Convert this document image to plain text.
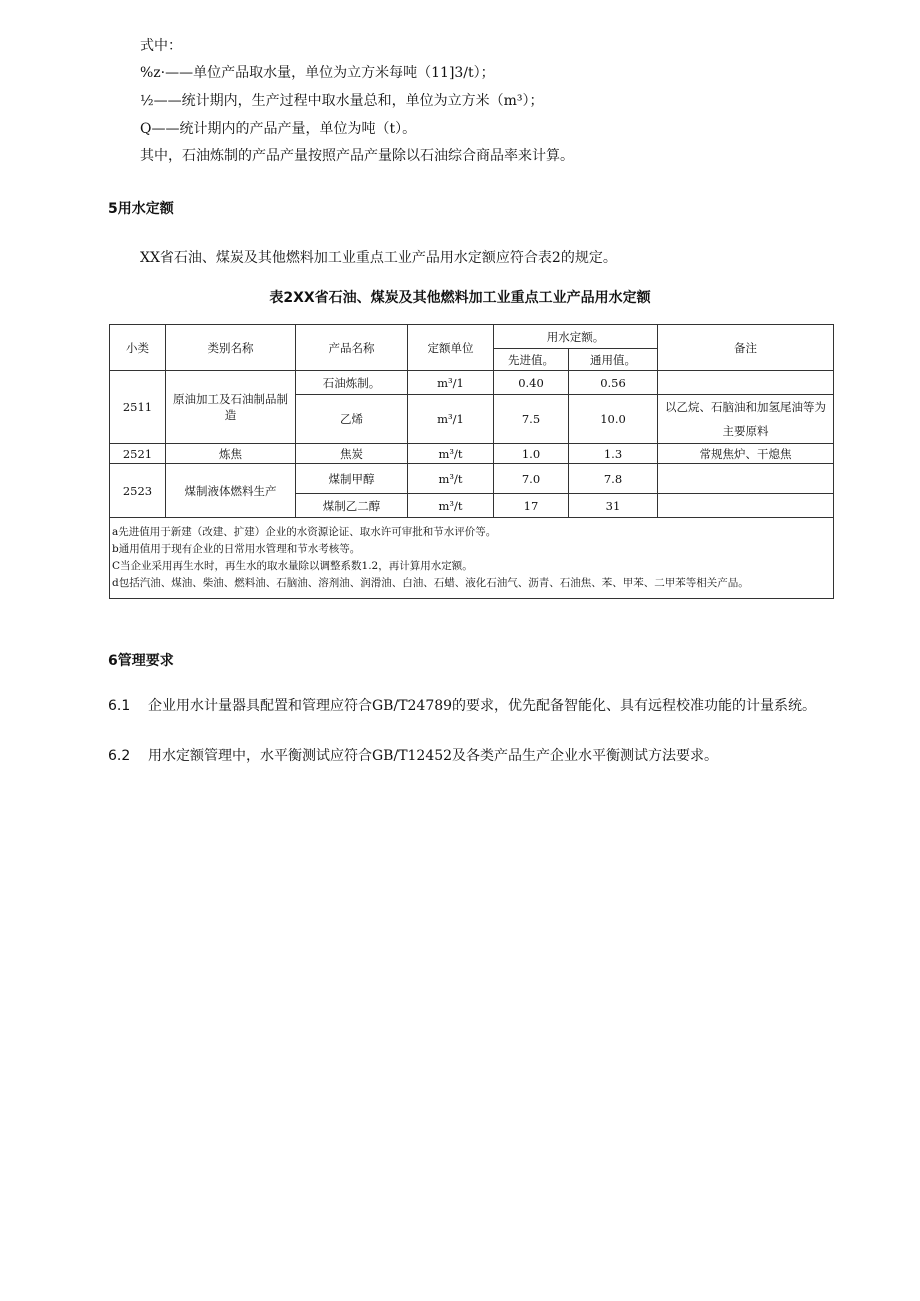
式中：
%z·——单位产品取水量，单位为立方米每吨（11]3∕t）；
½——统计期内，生产过程中取水量总和，单位为立方米（m³）；
Q——统计期内的产品产量，单位为吨（t）。
其中，石油炼制的产品产量按照产品产量除以石油综合商品率来计算。
5用水定额
XX省石油、煤炭及其他燃料加工业重点工业产品用水定额应符合表2的规定。
表2XX省石油、煤炭及其他燃料加工业重点工业产品用水定额
小类	类别名称	产品名称	定额单位	用水定额。		备注
				先进值。	通用值。	
2511	原油加工及石油制品制造	石油炼制。	m³/1	0.40	0.56	
		乙烯	m³/1	7.5	10.0	以乙烷、石脑油和加氢尾油等为主要原料
2521	炼焦	焦炭	m³∕t	1.0	1.3	常规焦炉、干熄焦
2523	煤制液体燃料生产	煤制甲醇	m³∕t	7.0	7.8	
		煤制乙二醇	m³∕t	17	31	

a先进值用于新建（改建、扩建）企业的水资源论证、取水许可审批和节水评价等。
b通用值用于现有企业的日常用水管理和节水考核等。
C当企业采用再生水时，再生水的取水量除以调整系数1.2，再计算用水定额。
d包括汽油、煤油、柴油、燃料油、石脑油、溶剂油、润滑油、白油、石蜡、液化石油气、沥青、石油焦、苯、甲苯、二甲苯等相关产品。						
6管理要求
6.1 企业用水计量器具配置和管理应符合GB/T24789的要求，优先配备智能化、具有远程校准功能的计量系统。
6.2 用水定额管理中，水平衡测试应符合GB/T12452及各类产品生产企业水平衡测试方法要求。
